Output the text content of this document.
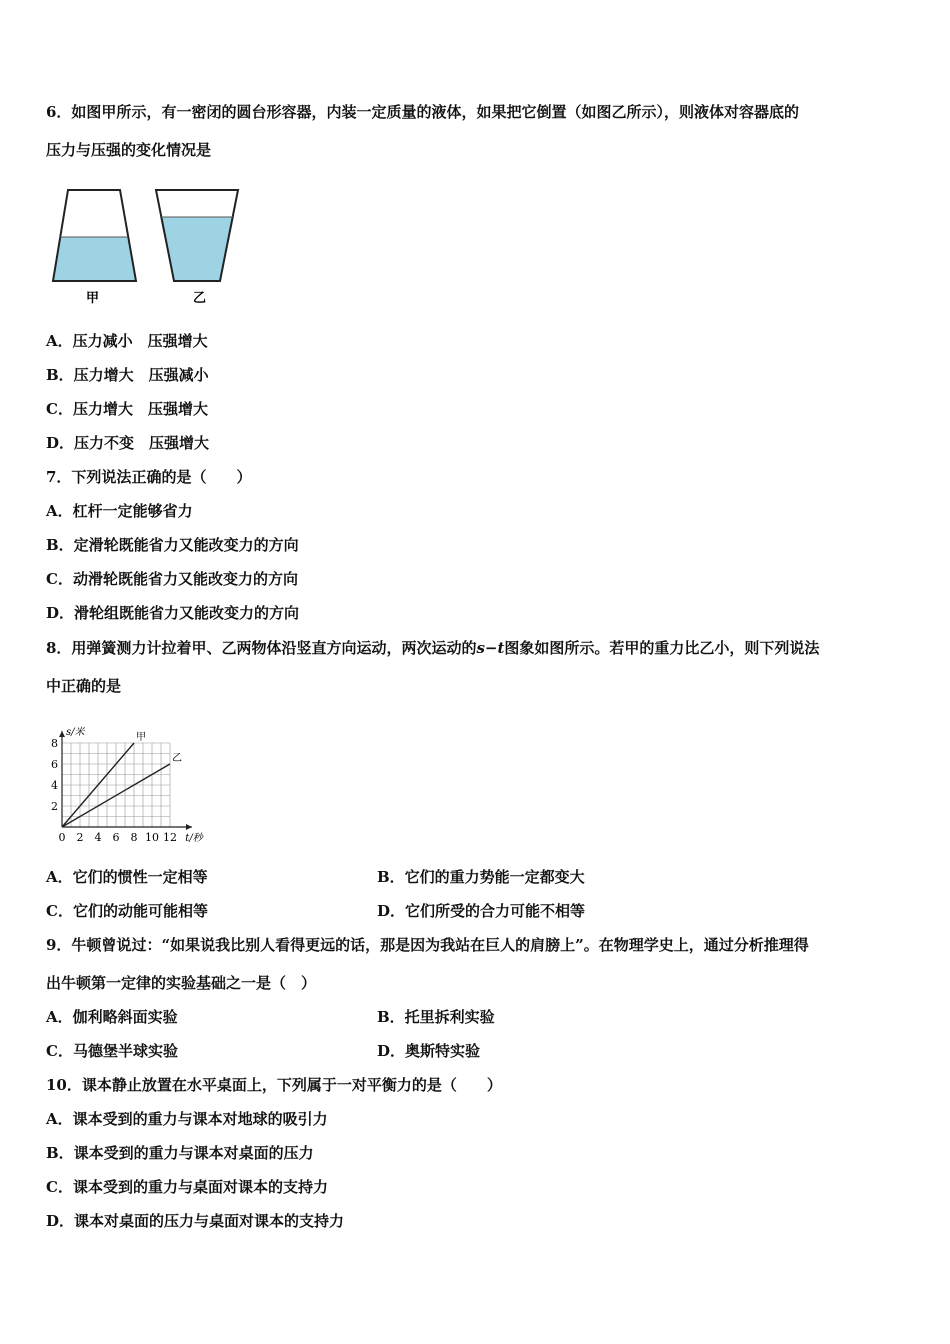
6．如图甲所示，有一密闭的圆台形容器，内装一定质量的液体，如果把它倒置（如图乙所示），则液体对容器底的
压力与压强的变化情况是
甲	乙
A．压力减小　压强增大
B．压力增大　压强减小
C．压力增大　压强增大
D．压力不变　压强增大
7．下列说法正确的是（　　）
A．杠杆一定能够省力
B．定滑轮既能省力又能改变力的方向
C．动滑轮既能省力又能改变力的方向
D．滑轮组既能省力又能改变力的方向
8．用弹簧测力计拉着甲、乙两物体沿竖直方向运动，两次运动的s−t图象如图所示。若甲的重力比乙小，则下列说法
中正确的是
0 2 4 6 8 10 12
2
4
6
8
t/秒
s/米	甲
乙
A．它们的惯性一定相等	B．它们的重力势能一定都变大
C．它们的动能可能相等	D．它们所受的合力可能不相等
9．牛顿曾说过：“如果说我比别人看得更远的话，那是因为我站在巨人的肩膀上”。在物理学史上，通过分析推理得
出牛顿第一定律的实验基础之一是（　）
A．伽利略斜面实验	B．托里拆利实验
C．马德堡半球实验	D．奥斯特实验
10．课本静止放置在水平桌面上，下列属于一对平衡力的是（　　）
A．课本受到的重力与课本对地球的吸引力
B．课本受到的重力与课本对桌面的压力
C．课本受到的重力与桌面对课本的支持力
D．课本对桌面的压力与桌面对课本的支持力
